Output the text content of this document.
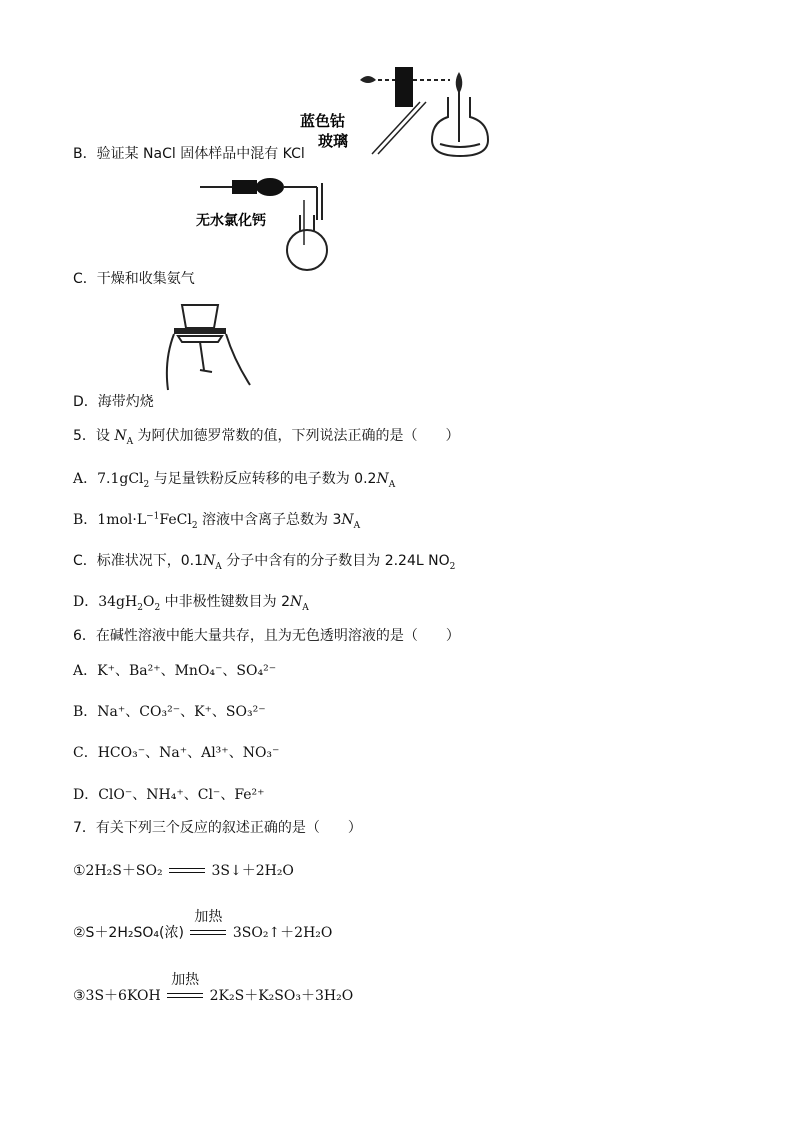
蓝色钴
玻璃
B．验证某 NaCl 固体样品中混有 KCl
无水氯化钙
C．干燥和收集氨气
D．海带灼烧
5．设 $N_A$ 为阿伏加德罗常数的值，下列说法正确的是（　　）
A．7.1gCl$_2$ 与足量铁粉反应转移的电子数为 $0.2N_A$
B．$1mol\cdot L^{-1}FeCl_2$ 溶液中含离子总数为 $3N_A$
C．标准状况下，$0.1N_A$ 分子中含有的分子数目为 2.24L $NO_2$
D．$34gH_2O_2$ 中非极性键数目为 $2N_A$
6．在碱性溶液中能大量共存，且为无色透明溶液的是（　　）
A．K⁺、Ba²⁺、MnO₄⁻、SO₄²⁻
B．Na⁺、CO₃²⁻、K⁺、SO₃²⁻
C．HCO₃⁻、Na⁺、Al³⁺、NO₃⁻
D．ClO⁻、NH₄⁺、Cl⁻、Fe²⁺
7．有关下列三个反应的叙述正确的是（　　）
①2H₂S＋SO₂	3S↓＋2H₂O
②S＋2H₂SO₄(浓)
加热
3SO₂↑＋2H₂O
③3S＋6KOH
加热
2K₂S＋K₂SO₃＋3H₂O
